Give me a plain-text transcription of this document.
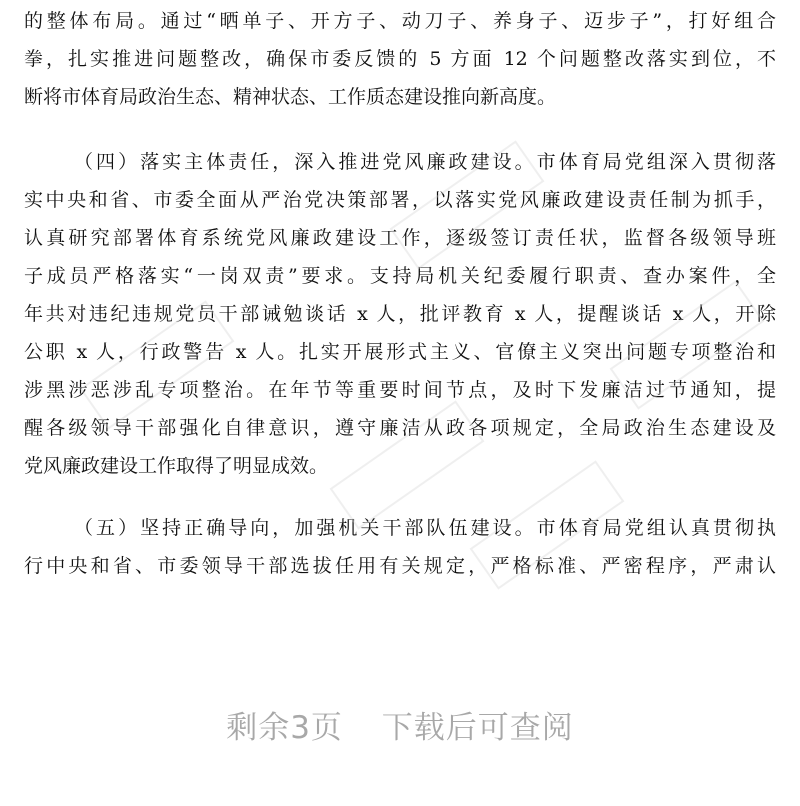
的整体布局。通过“晒单子、开方子、动刀子、养身子、迈步子”，打好组合
拳，扎实推进问题整改，确保市委反馈的 5 方面 12 个问题整改落实到位，不
断将市体育局政治生态、精神状态、工作质态建设推向新高度。
（四）落实主体责任，深入推进党风廉政建设。市体育局党组深入贯彻落
实中央和省、市委全面从严治党决策部署，以落实党风廉政建设责任制为抓手，
认真研究部署体育系统党风廉政建设工作，逐级签订责任状，监督各级领导班
子成员严格落实“一岗双责”要求。支持局机关纪委履行职责、查办案件，全
年共对违纪违规党员干部诫勉谈话 x 人，批评教育 x 人，提醒谈话 x 人，开除
公职 x 人，行政警告 x 人。扎实开展形式主义、官僚主义突出问题专项整治和
涉黑涉恶涉乱专项整治。在年节等重要时间节点，及时下发廉洁过节通知，提
醒各级领导干部强化自律意识，遵守廉洁从政各项规定，全局政治生态建设及
党风廉政建设工作取得了明显成效。
（五）坚持正确导向，加强机关干部队伍建设。市体育局党组认真贯彻执
行中央和省、市委领导干部选拔任用有关规定，严格标准、严密程序，严肃认
剩余3页 下载后可查阅
